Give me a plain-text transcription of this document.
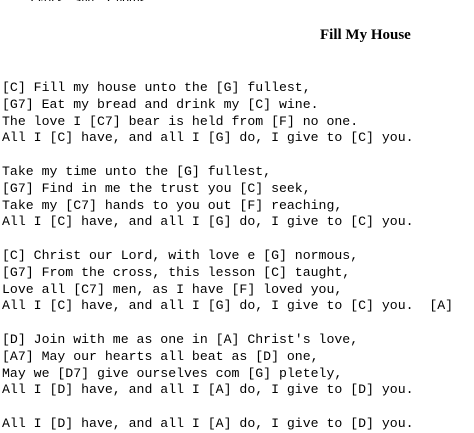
Fill My House
[C] Fill my house unto the [G] fullest,
[G7] Eat my bread and drink my [C] wine.
The love I [C7] bear is held from [F] no one.
All I [C] have, and all I [G] do, I give to [C] you.
Take my time unto the [G] fullest,
[G7] Find in me the trust you [C] seek,
Take my [C7] hands to you out [F] reaching,
All I [C] have, and all I [G] do, I give to [C] you.
[C] Christ our Lord, with love e [G] normous,
[G7] From the cross, this lesson [C] taught,
Love all [C7] men, as I have [F] loved you,
All I [C] have, and all I [G] do, I give to [C] you.  [A]
[D] Join with me as one in [A] Christ's love,
[A7] May our hearts all beat as [D] one,
May we [D7] give ourselves com [G] pletely,
All I [D] have, and all I [A] do, I give to [D] you.
All I [D] have, and all I [A] do, I give to [D] you.
